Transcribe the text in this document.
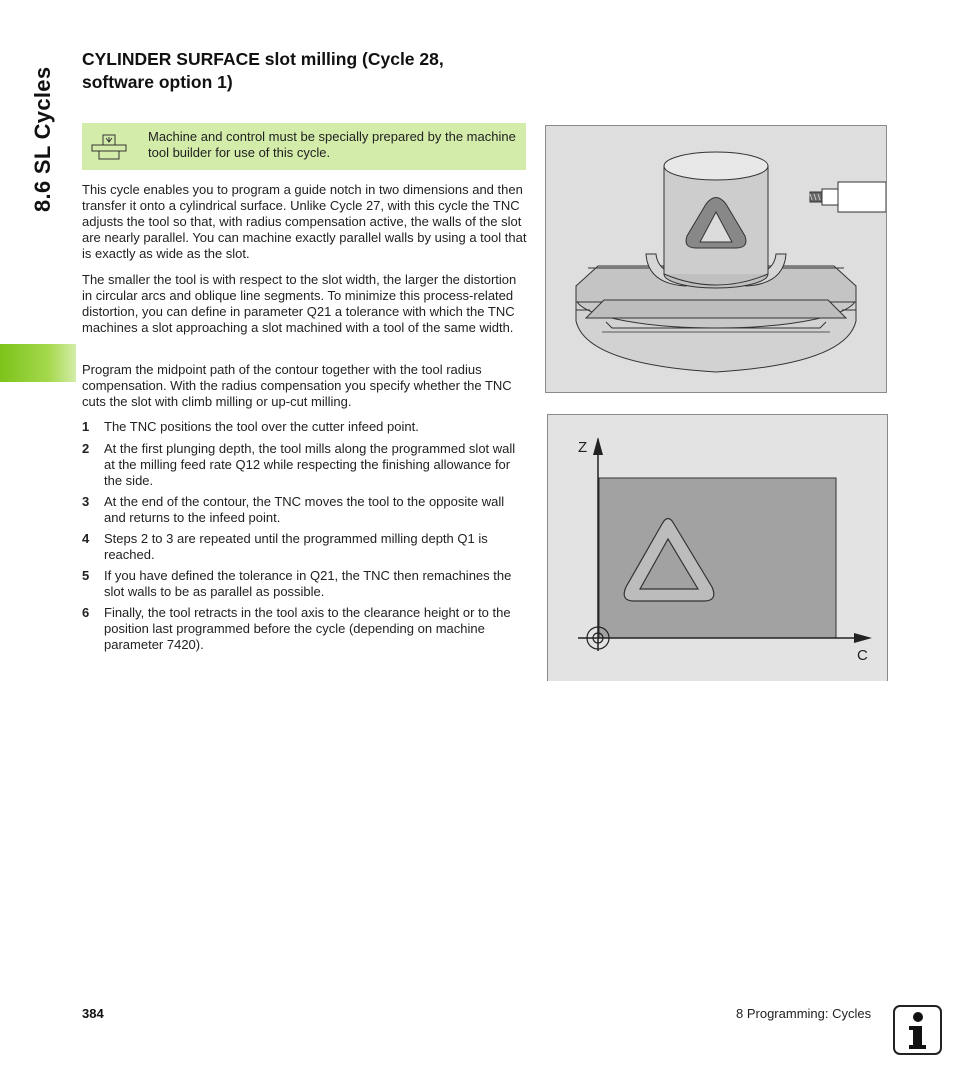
8.6 SL Cycles
CYLINDER SURFACE slot milling (Cycle 28,
software option 1)
Machine and control must be specially prepared by the machine tool builder for use of this cycle.

This cycle enables you to program a guide notch in two dimensions and then transfer it onto a cylindrical surface. Unlike Cycle 27, with this cycle the TNC adjusts the tool so that, with radius compensation active, the walls of the slot are nearly parallel. You can machine exactly parallel walls by using a tool that is exactly as wide as the slot.

The smaller the tool is with respect to the slot width, the larger the distortion in circular arcs and oblique line segments. To minimize this process-related distortion, you can define in parameter Q21 a tolerance with which the TNC machines a slot approaching a slot machined with a tool of the same width.

Program the midpoint path of the contour together with the tool radius compensation. With the radius compensation you specify whether the TNC cuts the slot with climb milling or up-cut milling.

1 The TNC positions the tool over the cutter infeed point.
2 At the first plunging depth, the tool mills along the programmed slot wall at the milling feed rate Q12 while respecting the finishing allowance for the side.
3 At the end of the contour, the TNC moves the tool to the opposite wall and returns to the infeed point.
4 Steps 2 to 3 are repeated until the programmed milling depth Q1 is reached.
5 If you have defined the tolerance in Q21, the TNC then remachines the slot walls to be as parallel as possible.
6 Finally, the tool retracts in the tool axis to the clearance height or to the position last programmed before the cycle (depending on machine parameter 7420).
Z
C
384	8 Programming: Cycles
